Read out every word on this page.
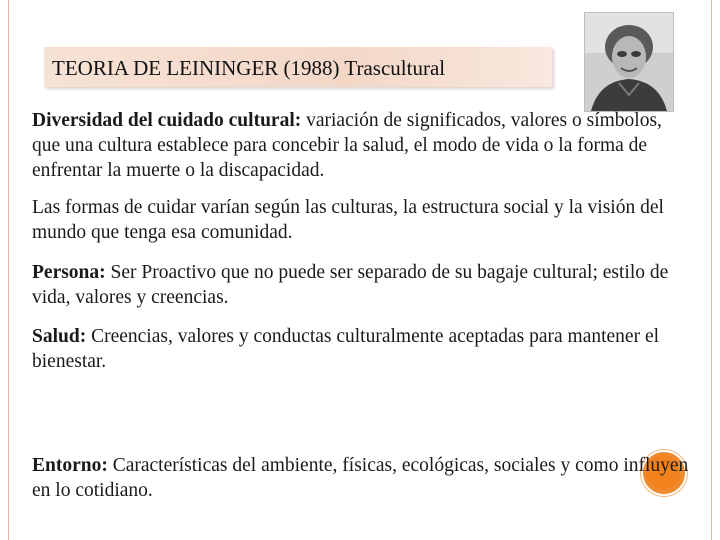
TEORIA DE LEININGER (1988) Trascultural

Diversidad del cuidado cultural: variación de significados, valores o símbolos, que una cultura establece para concebir la salud, el modo de vida o la forma de enfrentar la muerte o la discapacidad.

Las formas de cuidar varían según las culturas, la estructura social y la visión del mundo que tenga esa comunidad.

Persona: Ser Proactivo que no puede ser separado de su bagaje cultural; estilo de vida, valores y creencias.

Salud: Creencias, valores y conductas culturalmente aceptadas para mantener el bienestar.

Entorno: Características del ambiente, físicas, ecológicas, sociales y como influyen en lo cotidiano.
